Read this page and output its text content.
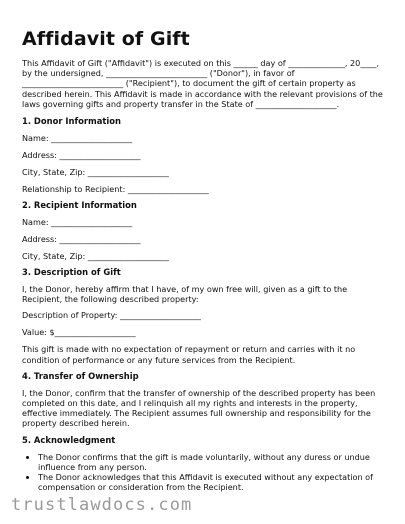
Affidavit of Gift

This Affidavit of Gift ("Affidavit") is executed on this ______ day of ______________, 20____, by the undersigned, _________________________ ("Donor"), in favor of _________________________ ("Recipient"), to document the gift of certain property as described herein. This Affidavit is made in accordance with the relevant provisions of the laws governing gifts and property transfer in the State of ____________________.

1. Donor Information
Name: ____________________
Address: ____________________
City, State, Zip: ____________________
Relationship to Recipient: ____________________
2. Recipient Information
Name: ____________________
Address: ____________________
City, State, Zip: ____________________
3. Description of Gift

I, the Donor, hereby affirm that I have, of my own free will, given as a gift to the Recipient, the following described property:

Description of Property: ____________________
Value: $____________________

This gift is made with no expectation of repayment or return and carries with it no condition of performance or any future services from the Recipient.

4. Transfer of Ownership

I, the Donor, confirm that the transfer of ownership of the described property has been completed on this date, and I relinquish all my rights and interests in the property, effective immediately. The Recipient assumes full ownership and responsibility for the property described herein.

5. Acknowledgment
• The Donor confirms that the gift is made voluntarily, without any duress or undue influence from any person.
• The Donor acknowledges that this Affidavit is executed without any expectation of compensation or consideration from the Recipient.
trustlawdocs.com
